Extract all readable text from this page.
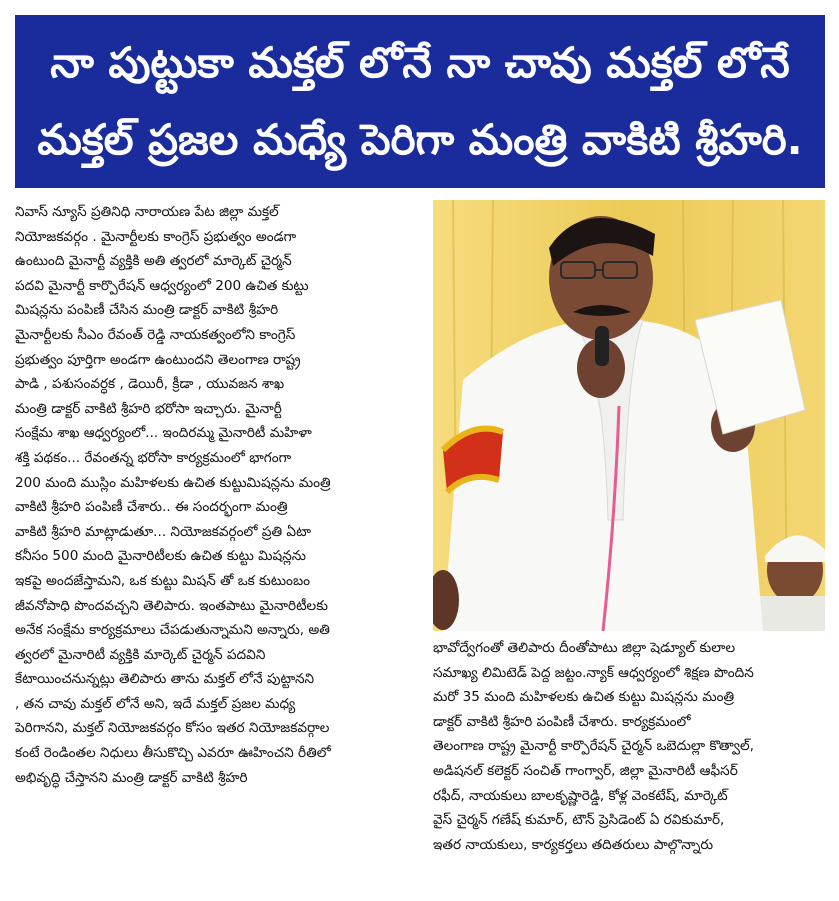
నా పుట్టుకా మక్తల్ లోనే నా చావు మక్తల్ లోనే
మక్తల్ ప్రజల మధ్యే పెరిగా మంత్రి వాకిటి శ్రీహరి.
నివాస్ న్యూస్ ప్రతినిధి నారాయణ పేట జిల్లా మక్తల్
నియోజకవర్గం . మైనార్టీలకు కాంగ్రెస్ ప్రభుత్వం అండగా
ఉంటుంది మైనార్టీ వ్యక్తికి అతి త్వరలో మార్కెట్ చైర్మన్
పదవి మైనార్టీ కార్పొరేషన్ ఆధ్వర్యంలో 200 ఉచిత కుట్టు
మిషన్లను పంపిణీ చేసిన మంత్రి డాక్టర్ వాకిటి శ్రీహరి
మైనార్టీలకు సీఎం రేవంత్ రెడ్డి నాయకత్వంలోని కాంగ్రెస్
ప్రభుత్వం పూర్తిగా అండగా ఉంటుందని తెలంగాణ రాష్ట్ర
పాడి , పశుసంవర్ధక , డెయిరీ, క్రీడా , యువజన శాఖ
మంత్రి డాక్టర్ వాకిటి శ్రీహరి భరోసా ఇచ్చారు. మైనార్టీ
సంక్షేమ శాఖ ఆధ్వర్యంలో... ఇందిరమ్మ మైనారిటీ మహిళా
శక్తి పథకం... రేవంతన్న భరోసా కార్యక్రమంలో భాగంగా
200 మంది ముస్లిం మహిళలకు ఉచిత కుట్టుమిషన్లను మంత్రి
వాకిటి శ్రీహరి పంపిణీ చేశారు.. ఈ సందర్భంగా మంత్రి
వాకిటి శ్రీహరి మాట్లాడుతూ... నియోజకవర్గంలో ప్రతి ఏటా
కనీసం 500 మంది మైనారిటీలకు ఉచిత కుట్టు మిషన్లను
ఇకపై అందజేస్తామని, ఒక కుట్టు మిషన్ తో ఒక కుటుంబం
జీవనోపాధి పొందవచ్చని తెలిపారు. ఇంతపాటు మైనారిటీలకు
అనేక సంక్షేమ కార్యక్రమాలు చేపడుతున్నామని అన్నారు, అతి
త్వరలో మైనారిటీ వ్యక్తికి మార్కెట్ చైర్మన్ పదవిని
కేటాయించనున్నట్లు తెలిపారు తాను మక్తల్ లోనే పుట్టానని
, తన చావు మక్తల్ లోనే అని, ఇదే మక్తల్ ప్రజల మధ్య
పెరిగానని, మక్తల్ నియోజకవర్గం కోసం ఇతర నియోజకవర్గాల
కంటే రెండింతల నిధులు తీసుకొచ్చి ఎవరూ ఊహించని రీతిలో
అభివృద్ధి చేస్తానని మంత్రి డాక్టర్ వాకిటి శ్రీహరి
భావోద్వేగంతో తెలిపారు దీంతోపాటు జిల్లా షెడ్యూల్ కులాల
సమాఖ్య లిమిటెడ్ పెద్ద జట్టం.న్యాక్ ఆధ్వర్యంలో శిక్షణ పొందిన
మరో 35 మంది మహిళలకు ఉచిత కుట్టు మిషన్లను మంత్రి
డాక్టర్ వాకిటి శ్రీహరి పంపిణీ చేశారు. కార్యక్రమంలో
తెలంగాణ రాష్ట్ర మైనార్టీ కార్పొరేషన్ చైర్మన్ ఒబెదుల్లా కొత్వాల్,
అడిషనల్ కలెక్టర్ సంచిత్ గాంగ్వార్, జిల్లా మైనారిటీ ఆఫీసర్
రఫీద్, నాయకులు బాలకృష్ణారెడ్డి, కోళ్ల వెంకటేష్, మార్కెట్
వైస్ చైర్మన్ గణేష్ కుమార్, టౌన్ ప్రెసిడెంట్ ఏ రవికుమార్,
ఇతర నాయకులు, కార్యకర్తలు తదితరులు పాల్గొన్నారు
